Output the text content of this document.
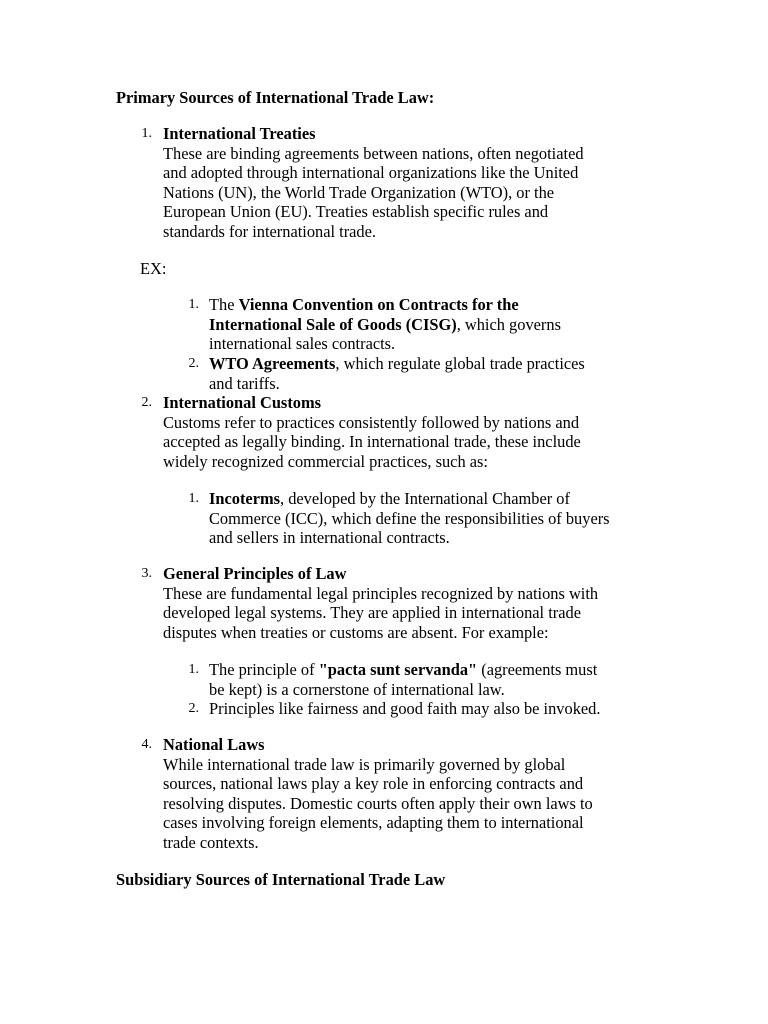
Primary Sources of International Trade Law:
1. International Treaties
These are binding agreements between nations, often negotiated
and adopted through international organizations like the United
Nations (UN), the World Trade Organization (WTO), or the
European Union (EU). Treaties establish specific rules and
standards for international trade.
EX:
1. The Vienna Convention on Contracts for the
International Sale of Goods (CISG), which governs
international sales contracts.
2. WTO Agreements, which regulate global trade practices
and tariffs.
2. International Customs
Customs refer to practices consistently followed by nations and
accepted as legally binding. In international trade, these include
widely recognized commercial practices, such as:
1. Incoterms, developed by the International Chamber of
Commerce (ICC), which define the responsibilities of buyers
and sellers in international contracts.
3. General Principles of Law
These are fundamental legal principles recognized by nations with
developed legal systems. They are applied in international trade
disputes when treaties or customs are absent. For example:
1. The principle of "pacta sunt servanda" (agreements must
be kept) is a cornerstone of international law.
2. Principles like fairness and good faith may also be invoked.
4. National Laws
While international trade law is primarily governed by global
sources, national laws play a key role in enforcing contracts and
resolving disputes. Domestic courts often apply their own laws to
cases involving foreign elements, adapting them to international
trade contexts.
Subsidiary Sources of International Trade Law
